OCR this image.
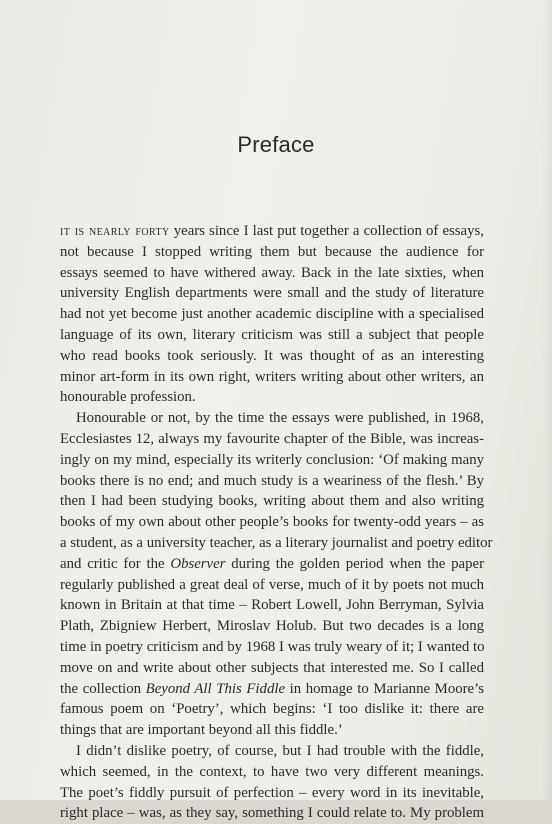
Preface

it is nearly forty years since I last put together a collection of essays,
not because I stopped writing them but because the audience for
essays seemed to have withered away. Back in the late sixties, when
university English departments were small and the study of literature
had not yet become just another academic discipline with a specialised
language of its own, literary criticism was still a subject that people
who read books took seriously. It was thought of as an interesting
minor art-form in its own right, writers writing about other writers, an
honourable profession.

Honourable or not, by the time the essays were published, in 1968,
Ecclesiastes 12, always my favourite chapter of the Bible, was increas-
ingly on my mind, especially its writerly conclusion: ‘Of making many
books there is no end; and much study is a weariness of the flesh.’ By
then I had been studying books, writing about them and also writing
books of my own about other people’s books for twenty-odd years – as
a student, as a university teacher, as a literary journalist and poetry editor
and critic for the Observer during the golden period when the paper
regularly published a great deal of verse, much of it by poets not much
known in Britain at that time – Robert Lowell, John Berryman, Sylvia
Plath, Zbigniew Herbert, Miroslav Holub. But two decades is a long
time in poetry criticism and by 1968 I was truly weary of it; I wanted to
move on and write about other subjects that interested me. So I called
the collection Beyond All This Fiddle in homage to Marianne Moore’s
famous poem on ‘Poetry’, which begins: ‘I too dislike it: there are
things that are important beyond all this fiddle.’

I didn’t dislike poetry, of course, but I had trouble with the fiddle,
which seemed, in the context, to have two very different meanings.
The poet’s fiddly pursuit of perfection – every word in its inevitable,
right place – was, as they say, something I could relate to. My problem
